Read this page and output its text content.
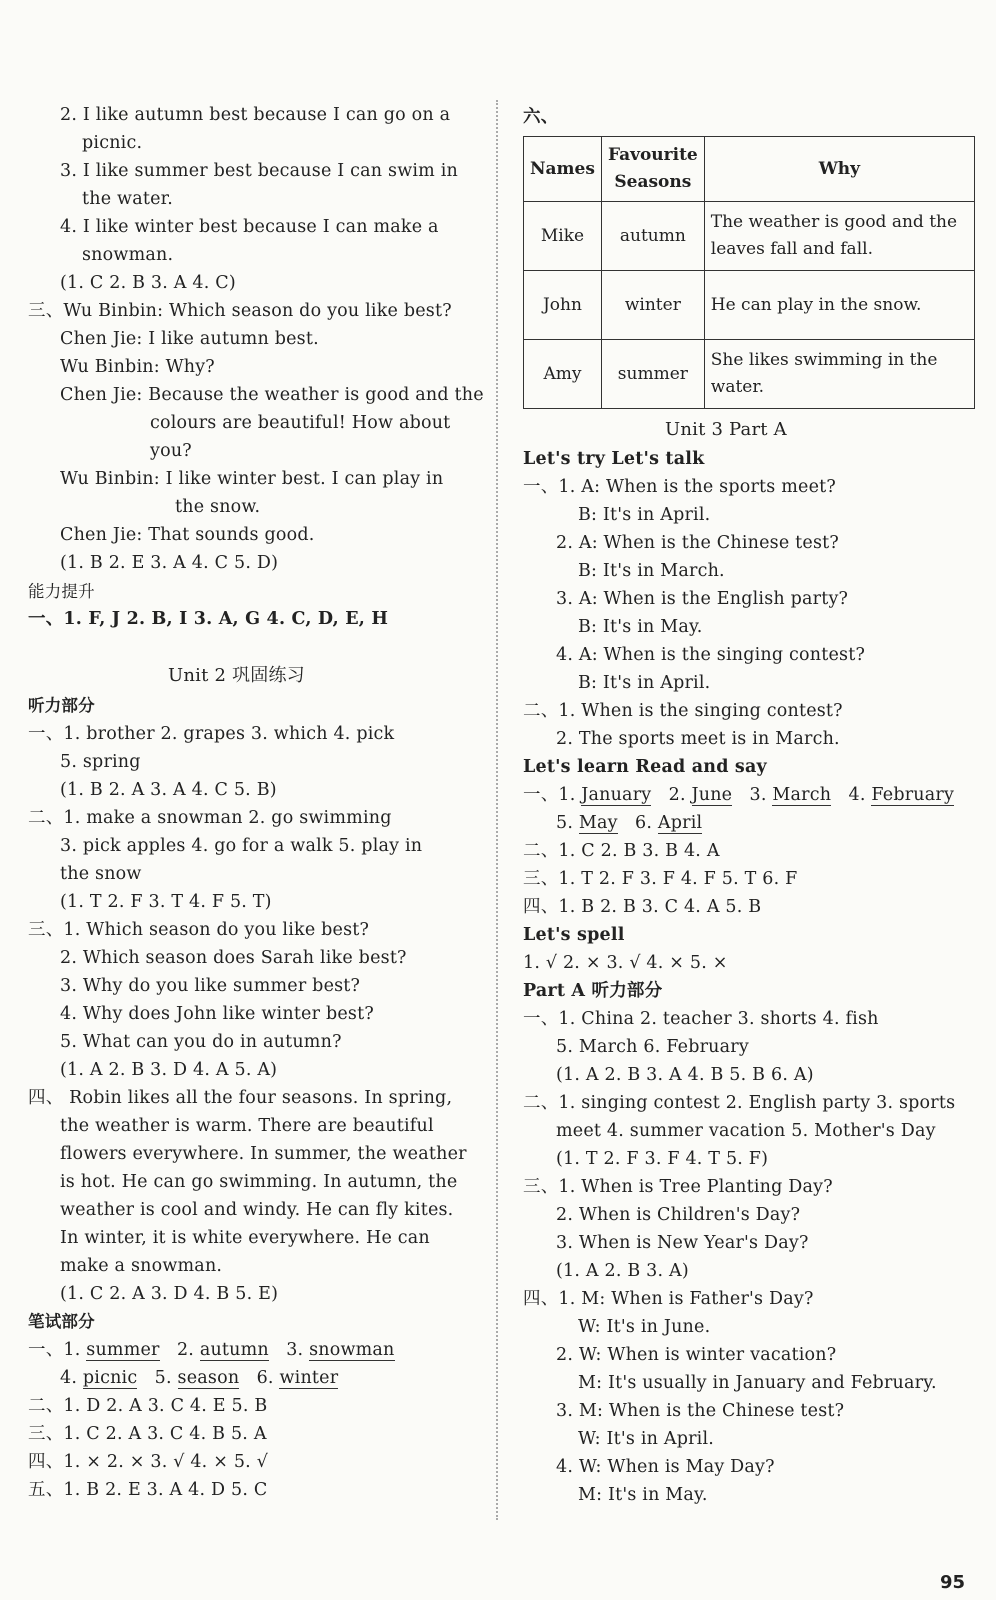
2. I like autumn best because I can go on a
picnic.
3. I like summer best because I can swim in
the water.
4. I like winter best because I can make a
snowman.
(1. C 2. B 3. A 4. C)
三、Wu Binbin: Which season do you like best?
Chen Jie: I like autumn best.
Wu Binbin: Why?
Chen Jie: Because the weather is good and the
colours are beautiful! How about
you?
Wu Binbin: I like winter best. I can play in
the snow.
Chen Jie: That sounds good.
(1. B 2. E 3. A 4. C 5. D)
能力提升
一、1. F, J 2. B, I 3. A, G 4. C, D, E, H
Unit 2 巩固练习
听力部分
一、1. brother 2. grapes 3. which 4. pick
5. spring
(1. B 2. A 3. A 4. C 5. B)
二、1. make a snowman 2. go swimming
3. pick apples 4. go for a walk 5. play in
the snow
(1. T 2. F 3. T 4. F 5. T)
三、1. Which season do you like best?
2. Which season does Sarah like best?
3. Why do you like summer best?
4. Why does John like winter best?
5. What can you do in autumn?
(1. A 2. B 3. D 4. A 5. A)
四、 Robin likes all the four seasons. In spring,
the weather is warm. There are beautiful
flowers everywhere. In summer, the weather
is hot. He can go swimming. In autumn, the
weather is cool and windy. He can fly kites.
In winter, it is white everywhere. He can
make a snowman.
(1. C 2. A 3. D 4. B 5. E)
笔试部分
一、1. summer 2. autumn 3. snowman
4. picnic 5. season 6. winter
二、1. D 2. A 3. C 4. E 5. B
三、1. C 2. A 3. C 4. B 5. A
四、1. × 2. × 3. √ 4. × 5. √
五、1. B 2. E 3. A 4. D 5. C
六、
Names	Favourite Seasons	Why
Mike	autumn	The weather is good and the leaves fall and fall.
John	winter	He can play in the snow.
Amy	summer	She likes swimming in the water.
Unit 3 Part A
Let's try Let's talk
一、1. A: When is the sports meet?
B: It's in April.
2. A: When is the Chinese test?
B: It's in March.
3. A: When is the English party?
B: It's in May.
4. A: When is the singing contest?
B: It's in April.
二、1. When is the singing contest?
2. The sports meet is in March.
Let's learn Read and say
一、1. January 2. June 3. March 4. February
5. May 6. April
二、1. C 2. B 3. B 4. A
三、1. T 2. F 3. F 4. F 5. T 6. F
四、1. B 2. B 3. C 4. A 5. B
Let's spell
1. √ 2. × 3. √ 4. × 5. ×
Part A 听力部分
一、1. China 2. teacher 3. shorts 4. fish
5. March 6. February
(1. A 2. B 3. A 4. B 5. B 6. A)
二、1. singing contest 2. English party 3. sports
meet 4. summer vacation 5. Mother's Day
(1. T 2. F 3. F 4. T 5. F)
三、1. When is Tree Planting Day?
2. When is Children's Day?
3. When is New Year's Day?
(1. A 2. B 3. A)
四、1. M: When is Father's Day?
W: It's in June.
2. W: When is winter vacation?
M: It's usually in January and February.
3. M: When is the Chinese test?
W: It's in April.
4. W: When is May Day?
M: It's in May.
95
